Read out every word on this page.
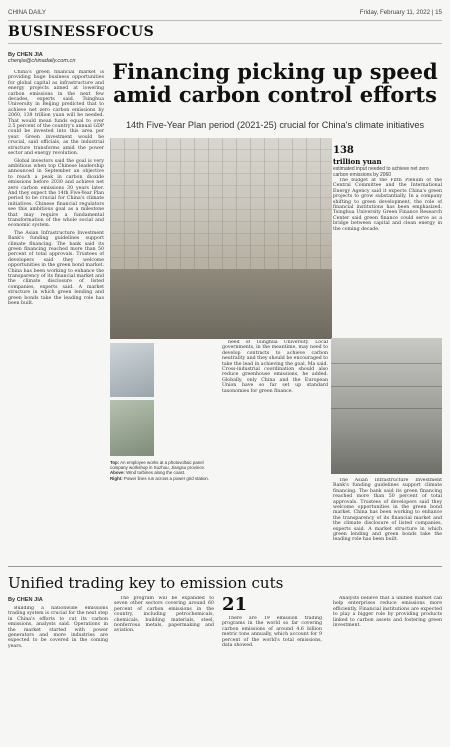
CHINA DAILY	Friday, February 11, 2022 | 15
BUSINESSFOCUS
By CHEN JIA
chenjia@chinadaily.com.cn

China's green financial market is providing huge business opportunities for global capital as infrastructure and energy projects aimed at lowering carbon emissions in the next few decades, experts said. Tsinghua University in Beijing predicted that to achieve net zero carbon emissions by 2060, 138 trillion yuan will be needed. That would mean funds equal to over 2.5 percent of the country's annual GDP could be invested into this area per year. Green investment would be crucial, said officials, as the industrial structure transforms amid the power sector and energy revolution.

Global investors said the goal is very ambitious when top Chinese leadership announced in September an objective to reach a peak in carbon dioxide emissions before 2030 and achieve net zero carbon emissions 30 years later. And they expect the 14th Five-Year Plan period to be crucial for China's climate initiatives. Chinese financial regulators see this ambitious goal as a milestone that may require a fundamental transformation of the whole social and economic system.

The Asian Infrastructure Investment Bank's funding guidelines support climate financing. The bank said its green financing reached more than 50 percent of total approvals. Trustees of developers said they welcome opportunities in the green bond market. China has been working to enhance the transparency of its financial market and the climate disclosure of listed companies, experts said. A market structure in which green lending and green bonds take the leading role has been built.

Financing picking up speed amid carbon control efforts
14th Five-Year Plan period (2021-25) crucial for China's climate initiatives
138
trillion yuan
estimated input needed to achieve net zero carbon emissions by 2060

The budget at the Fifth Plenum of the Central Committee and the International Energy Agency said it expects China's green projects to grow substantially. In a company shifting to green development, the role of financial institutions has been emphasized. Tsinghua University Green Finance Research Center said green finance could serve as a bridge between capital and clean energy in the coming decade.

Top: An employee works at a photovoltaic panel company workshop in Suzhou, Jiangsu province.
Above: Wind turbines along the coast.
Right: Power lines run across a power grid station.

need of Tsinghua University. Local governments, in the meantime, may need to develop contracts to achieve carbon neutrality and they should be encouraged to take the lead in achieving the goal, Ma said. Cross-industrial coordination should also reduce greenhouse emissions, he added. Globally, only China and the European Union have so far set up standard taxonomies for green finance.

The Asian Infrastructure Investment Bank's funding guidelines support climate financing. The bank said its green financing reached more than 50 percent of total approvals. Trustees of developers said they welcome opportunities in the green bond market. China has been working to enhance the transparency of its financial market and the climate disclosure of listed companies, experts said. A market structure in which green lending and green bonds take the leading role has been built.

Unified trading key to emission cuts
By CHEN JIA

Building a nationwide emissions trading system is crucial for the next step in China's efforts to cut its carbon emissions, analysts said. Operations in the market started with power generators and more industries are expected to be covered in the coming years.

The program will be expanded to seven other sectors covering around 60 percent of carbon emissions in the country, including petrochemicals, chemicals, building materials, steel, nonferrous metals, papermaking and aviation.

21

There are 19 emission trading programs in the world so far covering carbon emissions of around 4.6 billion metric tons annually, which account for 9 percent of the world's total emissions, data showed.

Analysts believe that a unified market can help enterprises reduce emissions more efficiently. Financial institutions are expected to play a bigger role by providing products linked to carbon assets and fostering green investment.
